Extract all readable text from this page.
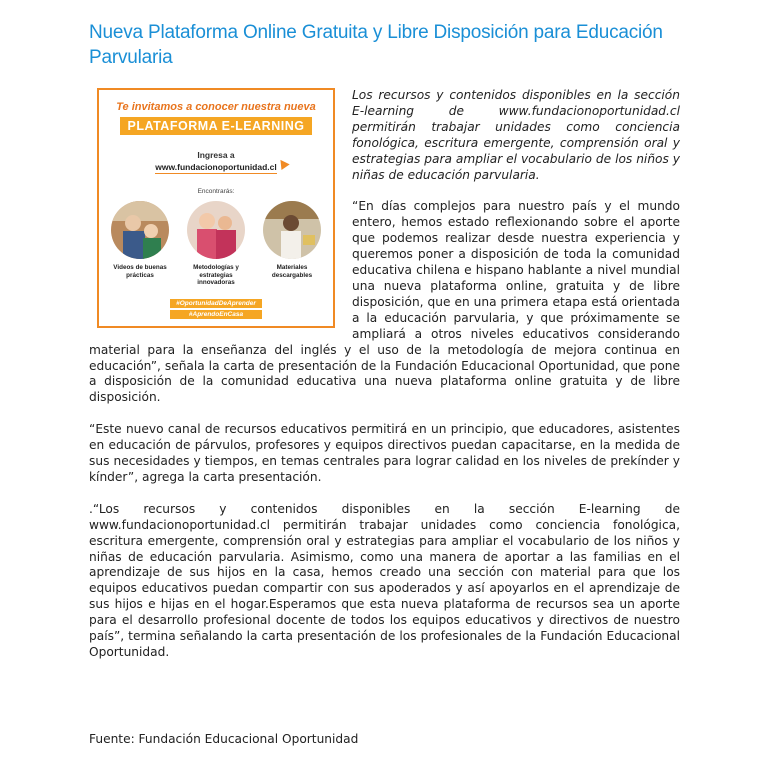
Nueva Plataforma Online Gratuita y Libre Disposición para Educación Parvularia
Te invitamos a conocer nuestra nueva
PLATAFORMA E-LEARNING
Ingresa a
www.fundacionoportunidad.cl
Encontrarás:
Videos de buenas prácticas
Metodologías y estrategias innovadoras
Materiales descargables
#OportunidadDeAprender
#AprendoEnCasa

Los recursos y contenidos disponibles en la sección E-learning de www.fundacionoportunidad.cl permitirán trabajar unidades como conciencia fonológica, escritura emergente, comprensión oral y estrategias para ampliar el vocabulario de los niños y niñas de educación parvularia.

“En días complejos para nuestro país y el mundo entero, hemos estado reflexionando sobre el aporte que podemos realizar desde nuestra experiencia y queremos poner a disposición de toda la comunidad educativa chilena e hispano hablante a nivel mundial una nueva plataforma online, gratuita y de libre disposición, que en una primera etapa está orientada a la educación parvularia, y que próximamente se ampliará a otros niveles educativos considerando material para la enseñanza del inglés y el uso de la metodología de mejora continua en educación”, señala la carta de presentación de la Fundación Educacional Oportunidad, que pone a disposición de la comunidad educativa una nueva plataforma online gratuita y de libre disposición.

“Este nuevo canal de recursos educativos permitirá en un principio, que educadores, asistentes en educación de párvulos, profesores y equipos directivos puedan capacitarse, en la medida de sus necesidades y tiempos, en temas centrales para lograr calidad en los niveles de prekínder y kínder”, agrega la carta presentación.

.“Los recursos y contenidos disponibles en la sección E-learning de www.fundacionoportunidad.cl permitirán trabajar unidades como conciencia fonológica, escritura emergente, comprensión oral y estrategias para ampliar el vocabulario de los niños y niñas de educación parvularia. Asimismo, como una manera de aportar a las familias en el aprendizaje de sus hijos en la casa, hemos creado una sección con material para que los equipos educativos puedan compartir con sus apoderados y así apoyarlos en el aprendizaje de sus hijos e hijas en el hogar.Esperamos que esta nueva plataforma de recursos sea un aporte para el desarrollo profesional docente de todos los equipos educativos y directivos de nuestro país”, termina señalando la carta presentación de los profesionales de la Fundación Educacional Oportunidad.

Fuente: Fundación Educacional Oportunidad
